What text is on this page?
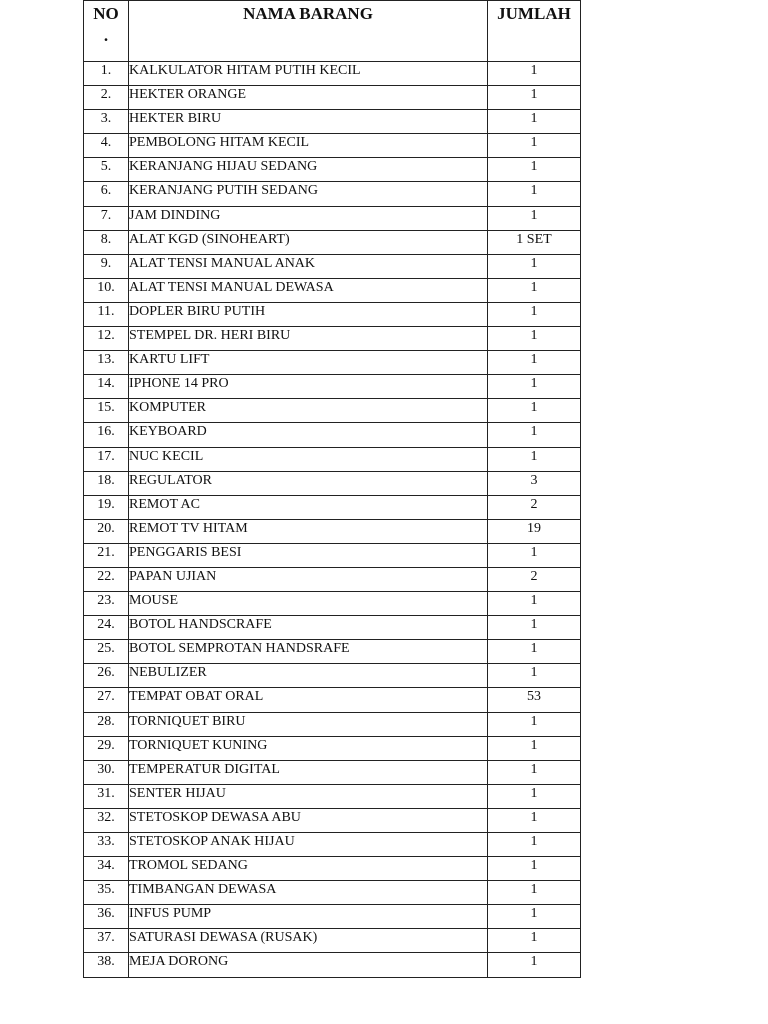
NO
.	NAMA BARANG	JUMLAH
1.	KALKULATOR HITAM PUTIH KECIL	1
2.	HEKTER ORANGE	1
3.	HEKTER BIRU	1
4.	PEMBOLONG HITAM KECIL	1
5.	KERANJANG HIJAU SEDANG	1
6.	KERANJANG PUTIH SEDANG	1
7.	JAM DINDING	1
8.	ALAT KGD (SINOHEART)	1 SET
9.	ALAT TENSI MANUAL ANAK	1
10.	ALAT TENSI MANUAL DEWASA	1
11.	DOPLER BIRU PUTIH	1
12.	STEMPEL DR. HERI BIRU	1
13.	KARTU LIFT	1
14.	IPHONE 14 PRO	1
15.	KOMPUTER	1
16.	KEYBOARD	1
17.	NUC KECIL	1
18.	REGULATOR	3
19.	REMOT AC	2
20.	REMOT TV HITAM	19
21.	PENGGARIS BESI	1
22.	PAPAN UJIAN	2
23.	MOUSE	1
24.	BOTOL HANDSCRAFE	1
25.	BOTOL SEMPROTAN HANDSRAFE	1
26.	NEBULIZER	1
27.	TEMPAT OBAT ORAL	53
28.	TORNIQUET BIRU	1
29.	TORNIQUET KUNING	1
30.	TEMPERATUR DIGITAL	1
31.	SENTER HIJAU	1
32.	STETOSKOP DEWASA ABU	1
33.	STETOSKOP ANAK HIJAU	1
34.	TROMOL SEDANG	1
35.	TIMBANGAN DEWASA	1
36.	INFUS PUMP	1
37.	SATURASI DEWASA (RUSAK)	1
38.	MEJA DORONG	1
